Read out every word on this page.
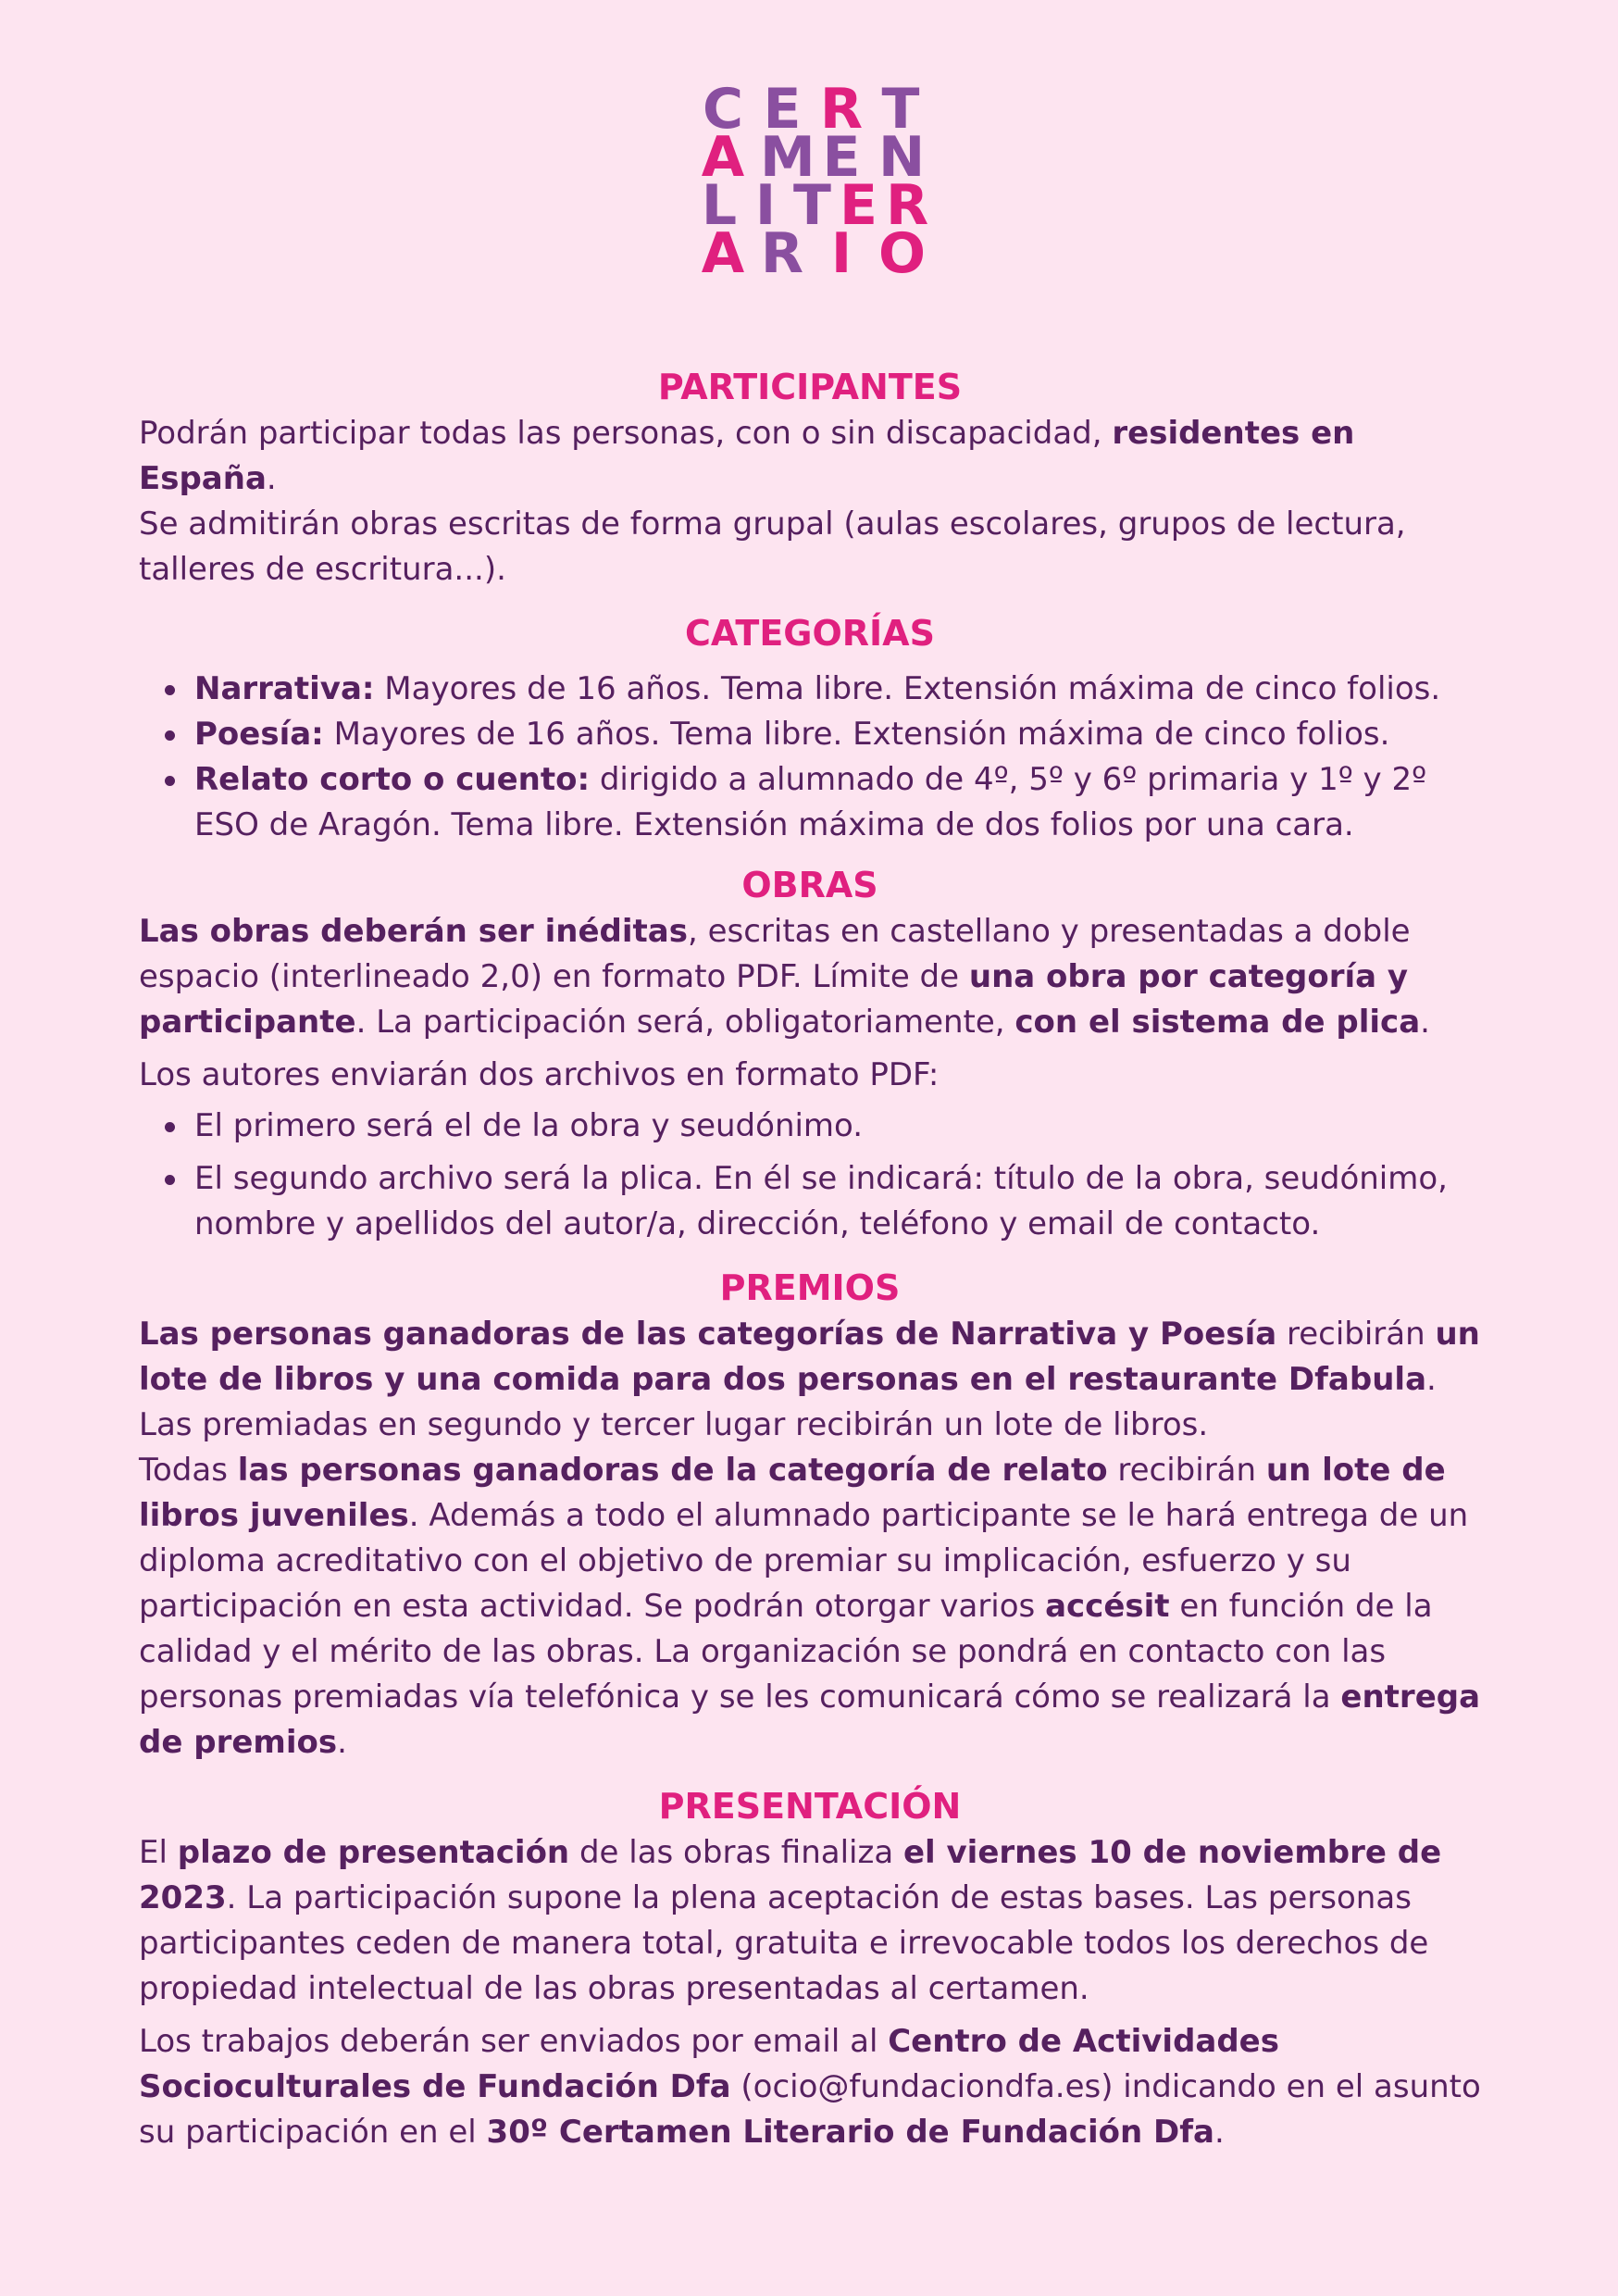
C E R T
A M E N
L I T E R
A R I O
PARTICIPANTES

Podrán participar todas las personas, con o sin discapacidad, residentes en España.

Se admitirán obras escritas de forma grupal (aulas escolares, grupos de lectura, talleres de escritura...).

CATEGORÍAS
Narrativa: Mayores de 16 años. Tema libre. Extensión máxima de cinco folios.
Poesía: Mayores de 16 años. Tema libre. Extensión máxima de cinco folios.
Relato corto o cuento: dirigido a alumnado de 4º, 5º y 6º primaria y 1º y 2º ESO de Aragón. Tema libre. Extensión máxima de dos folios por una cara.
OBRAS

Las obras deberán ser inéditas, escritas en castellano y presentadas a doble espacio (interlineado 2,0) en formato PDF. Límite de una obra por categoría y participante. La participación será, obligatoriamente, con el sistema de plica.

Los autores enviarán dos archivos en formato PDF:

El primero será el de la obra y seudónimo.
El segundo archivo será la plica. En él se indicará: título de la obra, seudónimo, nombre y apellidos del autor/a, dirección, teléfono y email de contacto.
PREMIOS

Las personas ganadoras de las categorías de Narrativa y Poesía recibirán un lote de libros y una comida para dos personas en el restaurante Dfabula. Las premiadas en segundo y tercer lugar recibirán un lote de libros.

Todas las personas ganadoras de la categoría de relato recibirán un lote de libros juveniles. Además a todo el alumnado participante se le hará entrega de un diploma acreditativo con el objetivo de premiar su implicación, esfuerzo y su participación en esta actividad. Se podrán otorgar varios accésit en función de la calidad y el mérito de las obras. La organización se pondrá en contacto con las personas premiadas vía telefónica y se les comunicará cómo se realizará la entrega de premios.

PRESENTACIÓN

El plazo de presentación de las obras finaliza el viernes 10 de noviembre de 2023. La participación supone la plena aceptación de estas bases. Las personas participantes ceden de manera total, gratuita e irrevocable todos los derechos de propiedad intelectual de las obras presentadas al certamen.

Los trabajos deberán ser enviados por email al Centro de Actividades Socioculturales de Fundación Dfa (ocio@fundaciondfa.es) indicando en el asunto su participación en el 30º Certamen Literario de Fundación Dfa.
